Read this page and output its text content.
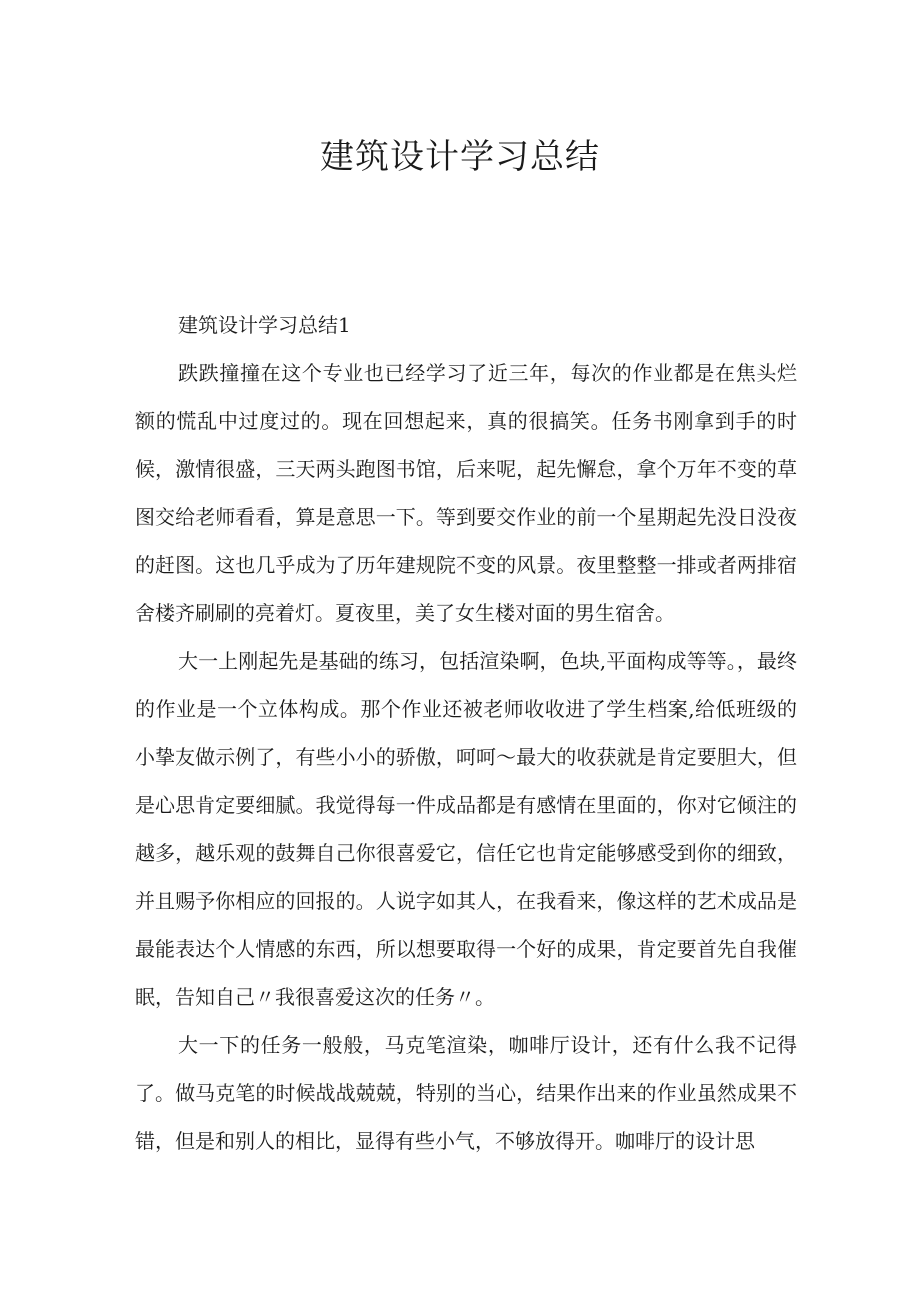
建筑设计学习总结

建筑设计学习总结1

跌跌撞撞在这个专业也已经学习了近三年，每次的作业都是在焦头烂额的慌乱中过度过的。现在回想起来，真的很搞笑。任务书刚拿到手的时候，激情很盛，三天两头跑图书馆，后来呢，起先懈怠，拿个万年不变的草图交给老师看看，算是意思一下。等到要交作业的前一个星期起先没日没夜的赶图。这也几乎成为了历年建规院不变的风景。夜里整整一排或者两排宿舍楼齐刷刷的亮着灯。夏夜里，美了女生楼对面的男生宿舍。

大一上刚起先是基础的练习，包括渲染啊，色块,平面构成等等。，最终的作业是一个立体构成。那个作业还被老师收收进了学生档案,给低班级的小挚友做示例了，有些小小的骄傲，呵呵～最大的收获就是肯定要胆大，但是心思肯定要细腻。我觉得每一件成品都是有感情在里面的，你对它倾注的越多，越乐观的鼓舞自己你很喜爱它，信任它也肯定能够感受到你的细致，并且赐予你相应的回报的。人说字如其人，在我看来，像这样的艺术成品是最能表达个人情感的东西，所以想要取得一个好的成果，肯定要首先自我催眠，告知自己〃我很喜爱这次的任务〃。

大一下的任务一般般，马克笔渲染，咖啡厅设计，还有什么我不记得了。做马克笔的时候战战兢兢，特别的当心，结果作出来的作业虽然成果不错，但是和别人的相比，显得有些小气，不够放得开。咖啡厅的设计思
